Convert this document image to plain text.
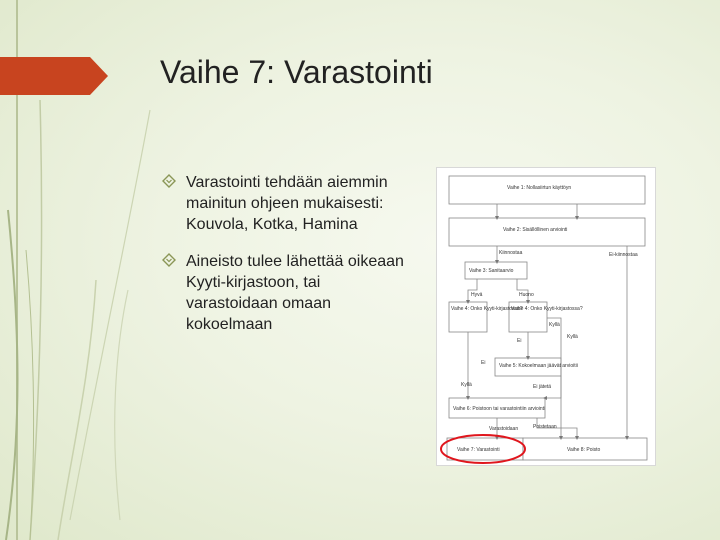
Vaihe 7: Varastointi
Varastointi tehdään aiemmin mainitun ohjeen mukaisesti: Kouvola, Kotka, Hamina
Aineisto tulee lähettää oikeaan Kyyti-kirjastoon, tai varastoidaan omaan kokoelmaan
Vaihe 1: Nollasiirtun käyttöyn
Vaihe 2: Sisällöllinen arviointi
Kiinnostaa	Ei-kiinnostaa
Vaihe 3: Sanitaarvio
Hyvä	Huono
Vaihe 4: Onko Kyyti-kirjastossa?
Vaihe 4: Onko Kyyti-kirjastossa?
Kyllä
Ei
Ei	Vaihe 5: Kokoelmaan jäävät arvioitii
Kyllä	Ei jätetä
Vaihe 6: Poistoon tai varastointiin arviointi
Varastoidaan	Poistetaan
Kyllä
Vaihe 7: Varastointi	Vaihe 8: Poisto
